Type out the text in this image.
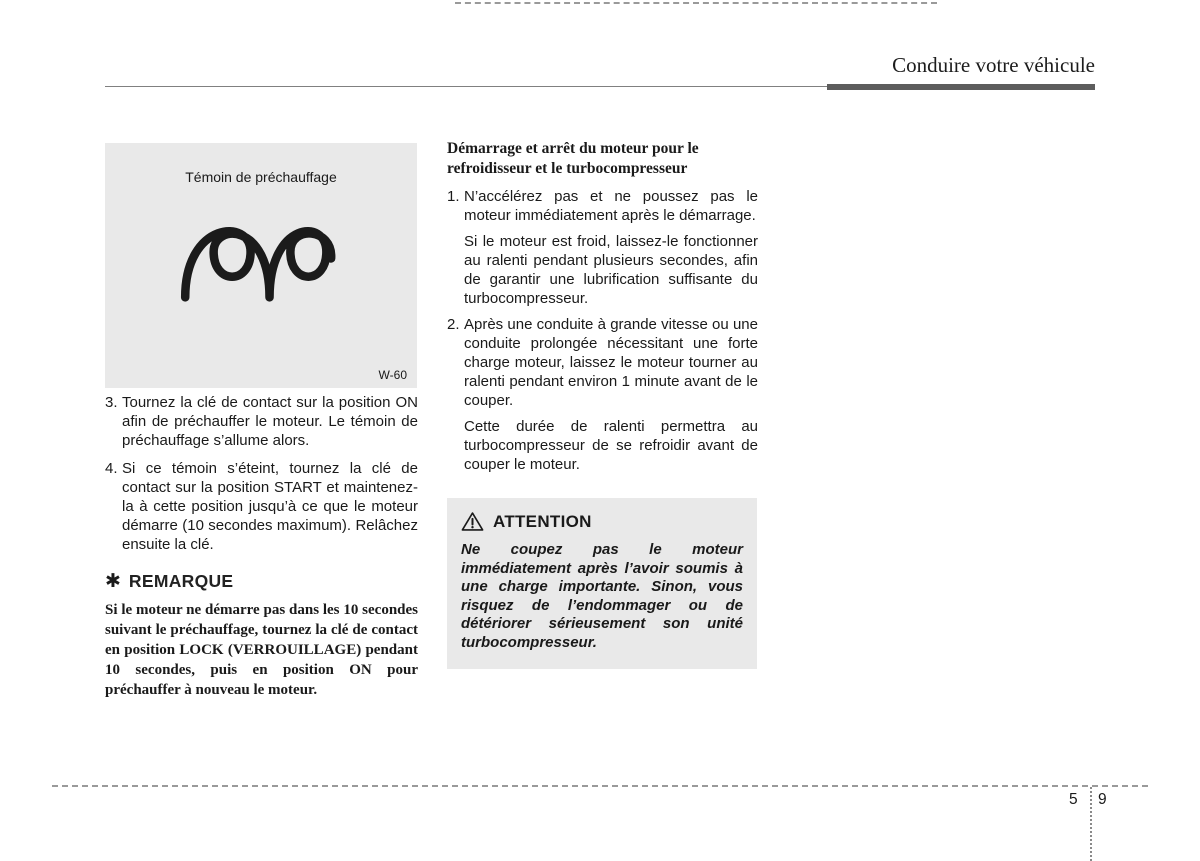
Conduire votre véhicule
Témoin de préchauffage
W-60
3. Tournez la clé de contact sur la position ON afin de préchauffer le moteur. Le témoin de préchauffage s’allume alors.
4. Si ce témoin s’éteint, tournez la clé de contact sur la position START et maintenez-la à cette position jusqu’à ce que le moteur démarre (10 secondes maximum). Relâchez ensuite la clé.
✱ REMARQUE
Si le moteur ne démarre pas dans les 10 secondes suivant le préchauffage, tournez la clé de contact en position LOCK (VERROUILLAGE) pendant 10 secondes, puis en position ON pour préchauffer à nouveau le moteur.
Démarrage et arrêt du moteur pour le refroidisseur et le turbocompresseur
1. N’accélérez pas et ne poussez pas le moteur immédiatement après le démarrage.
Si le moteur est froid, laissez-le fonctionner au ralenti pendant plusieurs secondes, afin de garantir une lubrification suffisante du turbocompresseur.
2. Après une conduite à grande vitesse ou une conduite prolongée nécessitant une forte charge moteur, laissez le moteur tourner au ralenti pendant environ 1 minute avant de le couper.
Cette durée de ralenti permettra au turbocompresseur de se refroidir avant de couper le moteur.
ATTENTION
Ne coupez pas le moteur immédiatement après l’avoir soumis à une charge importante. Sinon, vous risquez de l’endommager ou de détériorer sérieusement son unité turbocompresseur.
5 9
